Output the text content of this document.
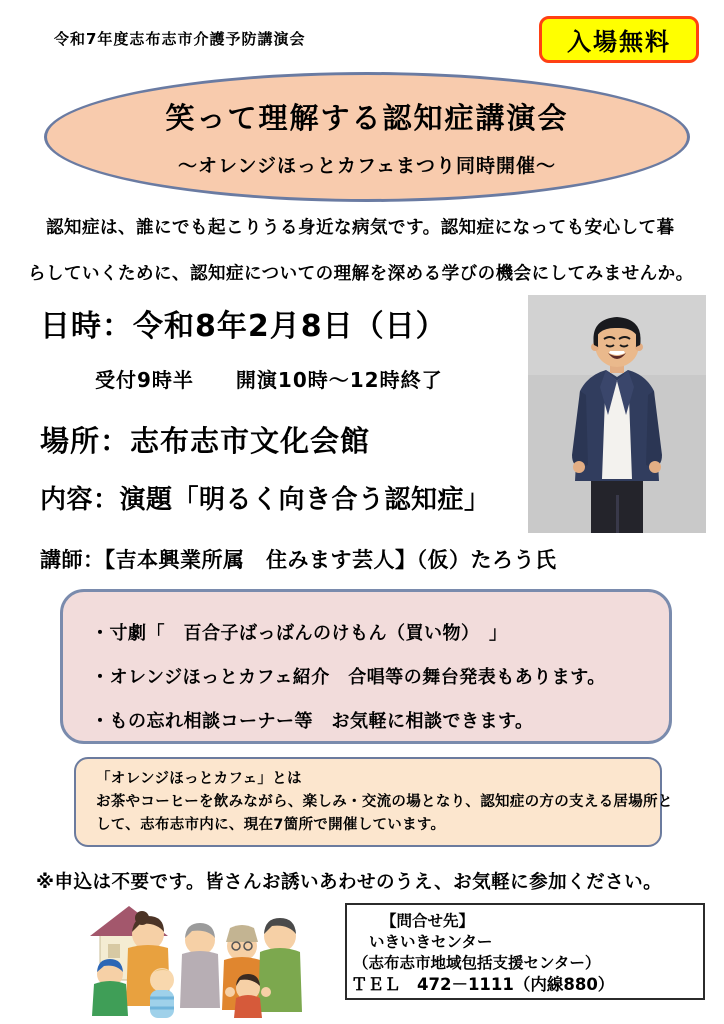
令和7年度志布志市介護予防講演会	入場無料
笑って理解する認知症講演会
～オレンジほっとカフェまつり同時開催～
　認知症は、誰にでも起こりうる身近な病気です。認知症になっても安心して暮
らしていくために、認知症についての理解を深める学びの機会にしてみませんか。
日時：令和8年2月8日（日）
受付9時半　　開演10時～12時終了
場所：志布志市文化会館
内容：演題「明るく向き合う認知症」
講師：【吉本興業所属　住みます芸人】（仮）たろう氏
・寸劇「　百合子ばっばんのけもん（買い物）　」
・オレンジほっとカフェ紹介　合唱等の舞台発表もあります。
・もの忘れ相談コーナー等　お気軽に相談できます。
「オレンジほっとカフェ」とは
お茶やコーヒーを飲みながら、楽しみ・交流の場となり、認知症の方の支える居場所と
して、志布志市内に、現在7箇所で開催しています。
※申込は不要です。皆さんお誘いあわせのうえ、お気軽に参加ください。
【問合せ先】
いきいきセンター
（志布志市地域包括支援センター）
ＴＥＬ　472－1111（内線880）
